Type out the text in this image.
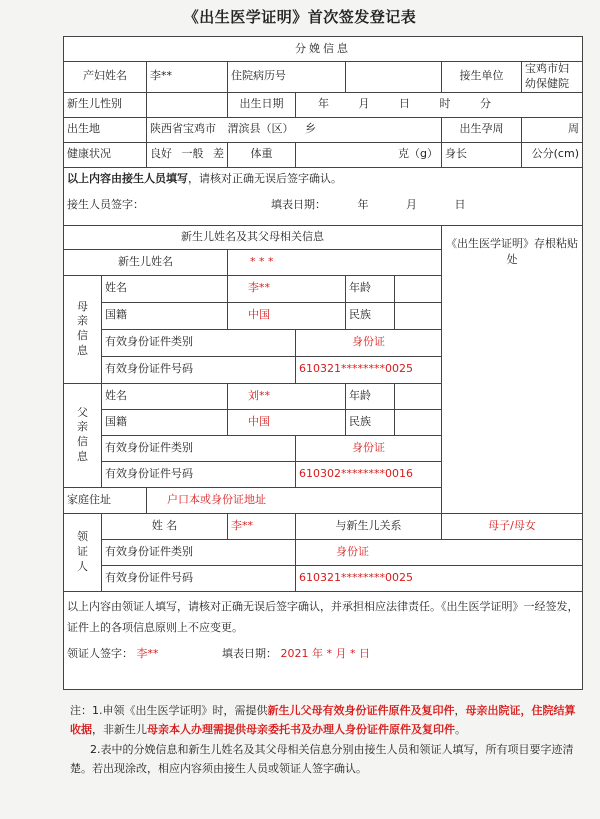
《出生医学证明》首次签发登记表
分娩信息								
产妇姓名		李**	住院病历号				接生单位	宝鸡市妇幼保健院
新生儿性别			出生日期	年 月 日 时 分				
出生地		陕西省宝鸡市 渭滨县（区） 乡					出生孕周	周
健康状况		良好 一般 差	体重	克（g）			身长	公分(cm)

以上内容由接生人员填写，请核对正确无误后签字确认。
接生人员签字： 填表日期： 年 月 日								

新生儿姓名及其父母相关信息							《出生医学证明》存根粘贴处	
新生儿姓名			* * *					

母
亲
信
息	姓名		李**		年龄			
	国籍		中国		民族			
	有效身份证件类别			身份证				
	有效身份证件号码			610321********0025				

父
亲
信
息	姓名		刘**		年龄			
	国籍		中国		民族			
	有效身份证件类别			身份证				
	有效身份证件号码			610302********0016				
家庭住址		户口本或身份证地址						

领
证
人	姓 名		李**	与新生儿关系			母子/母女	
	有效身份证件类别			身份证				
	有效身份证件号码			610321********0025				

以上内容由领证人填写，请核对正确无误后签字确认，并承担相应法律责任。《出生医学证明》一经签发，证件上的各项信息原则上不应变更。
领证人签字： 李** 填表日期： 2021 年 * 月 * 日								

注：1.申领《出生医学证明》时，需提供新生儿父母有效身份证件原件及复印件，母亲出院证，住院结算收据，非新生儿母亲本人办理需提供母亲委托书及办理人身份证件原件及复印件。

2.表中的分娩信息和新生儿姓名及其父母相关信息分别由接生人员和领证人填写，所有项目要字迹清楚。若出现涂改，相应内容须由接生人员或领证人签字确认。
